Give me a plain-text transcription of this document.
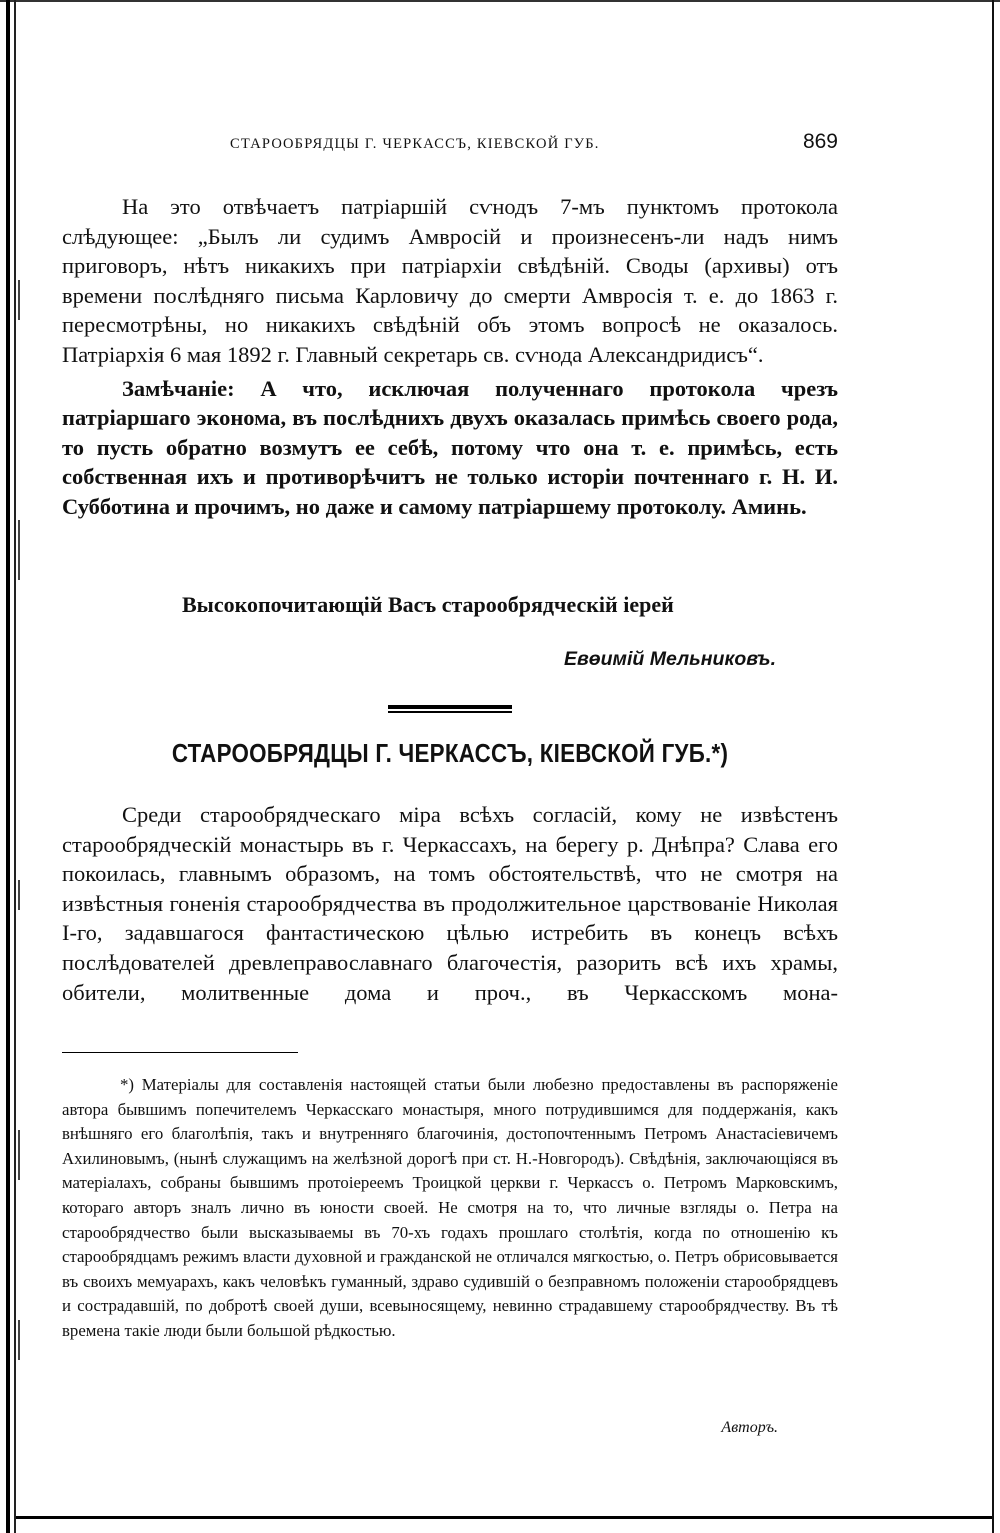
СТАРООБРЯДЦЫ Г. ЧЕРКАССЪ, КІЕВСКОЙ ГУБ.	869

На это отвѣчаетъ патріаршій сѵнодъ 7-мъ пунктомъ протокола слѣдующее: „Былъ ли судимъ Амвросій и произнесенъ-ли надъ нимъ приговоръ, нѣтъ никакихъ при патріархіи свѣдѣній. Своды (архивы) отъ времени послѣдняго письма Карловичу до смерти Амвросія т. е. до 1863 г. пересмотрѣны, но никакихъ свѣдѣній объ этомъ вопросѣ не оказалось. Патріархія 6 мая 1892 г. Главный секретарь св. сѵнода Александридисъ“.

Замѣчаніе: А что, исключая полученнаго протокола чрезъ патріаршаго эконома, въ послѣднихъ двухъ оказалась примѣсь своего рода, то пусть обратно возмутъ ее себѣ, потому что она т. е. примѣсь, есть собственная ихъ и противорѣчитъ не только исторіи почтеннаго г. Н. И. Субботина и прочимъ, но даже и самому патріаршему протоколу. Аминь.

Высокопочитающій Васъ старообрядческій іерей
Евѳимій Мельниковъ.
СТАРООБРЯДЦЫ Г. ЧЕРКАССЪ, КІЕВСКОЙ ГУБ.*)

Среди старообрядческаго міра всѣхъ согласій, кому не извѣстенъ старообрядческій монастырь въ г. Черкассахъ, на берегу р. Днѣпра? Слава его покоилась, главнымъ образомъ, на томъ обстоятельствѣ, что не смотря на извѣстныя гоненія старообрядчества въ продолжительное царствованіе Николая I-го, задавшагося фантастическою цѣлью истребить въ конецъ всѣхъ послѣдователей древлеправославнаго благочестія, разорить всѣ ихъ храмы, обители, молитвенные дома и проч., въ Черкасскомъ мона-

*) Матеріалы для составленія настоящей статьи были любезно предоставлены въ распоряженіе автора бывшимъ попечителемъ Черкасскаго монастыря, много потрудившимся для поддержанія, какъ внѣшняго его благолѣпія, такъ и внутренняго благочинія, достопочтеннымъ Петромъ Анастасіевичемъ Ахилиновымъ, (нынѣ служащимъ на желѣзной дорогѣ при ст. Н.-Новгородъ). Свѣдѣнія, заключающіяся въ матеріалахъ, собраны бывшимъ протоіереемъ Троицкой церкви г. Черкассъ о. Петромъ Марковскимъ, котораго авторъ зналъ лично въ юности своей. Не смотря на то, что личные взгляды о. Петра на старообрядчество были высказываемы въ 70-хъ годахъ прошлаго столѣтія, когда по отношенію къ старообрядцамъ режимъ власти духовной и гражданской не отличался мягкостью, о. Петръ обрисовывается въ своихъ мемуарахъ, какъ человѣкъ гуманный, здраво судившій о безправномъ положеніи старообрядцевъ и сострадавшій, по добротѣ своей души, всевыносящему, невинно страдавшему старообрядчеству. Въ тѣ времена такіе люди были большой рѣдкостью.

Авторъ.
